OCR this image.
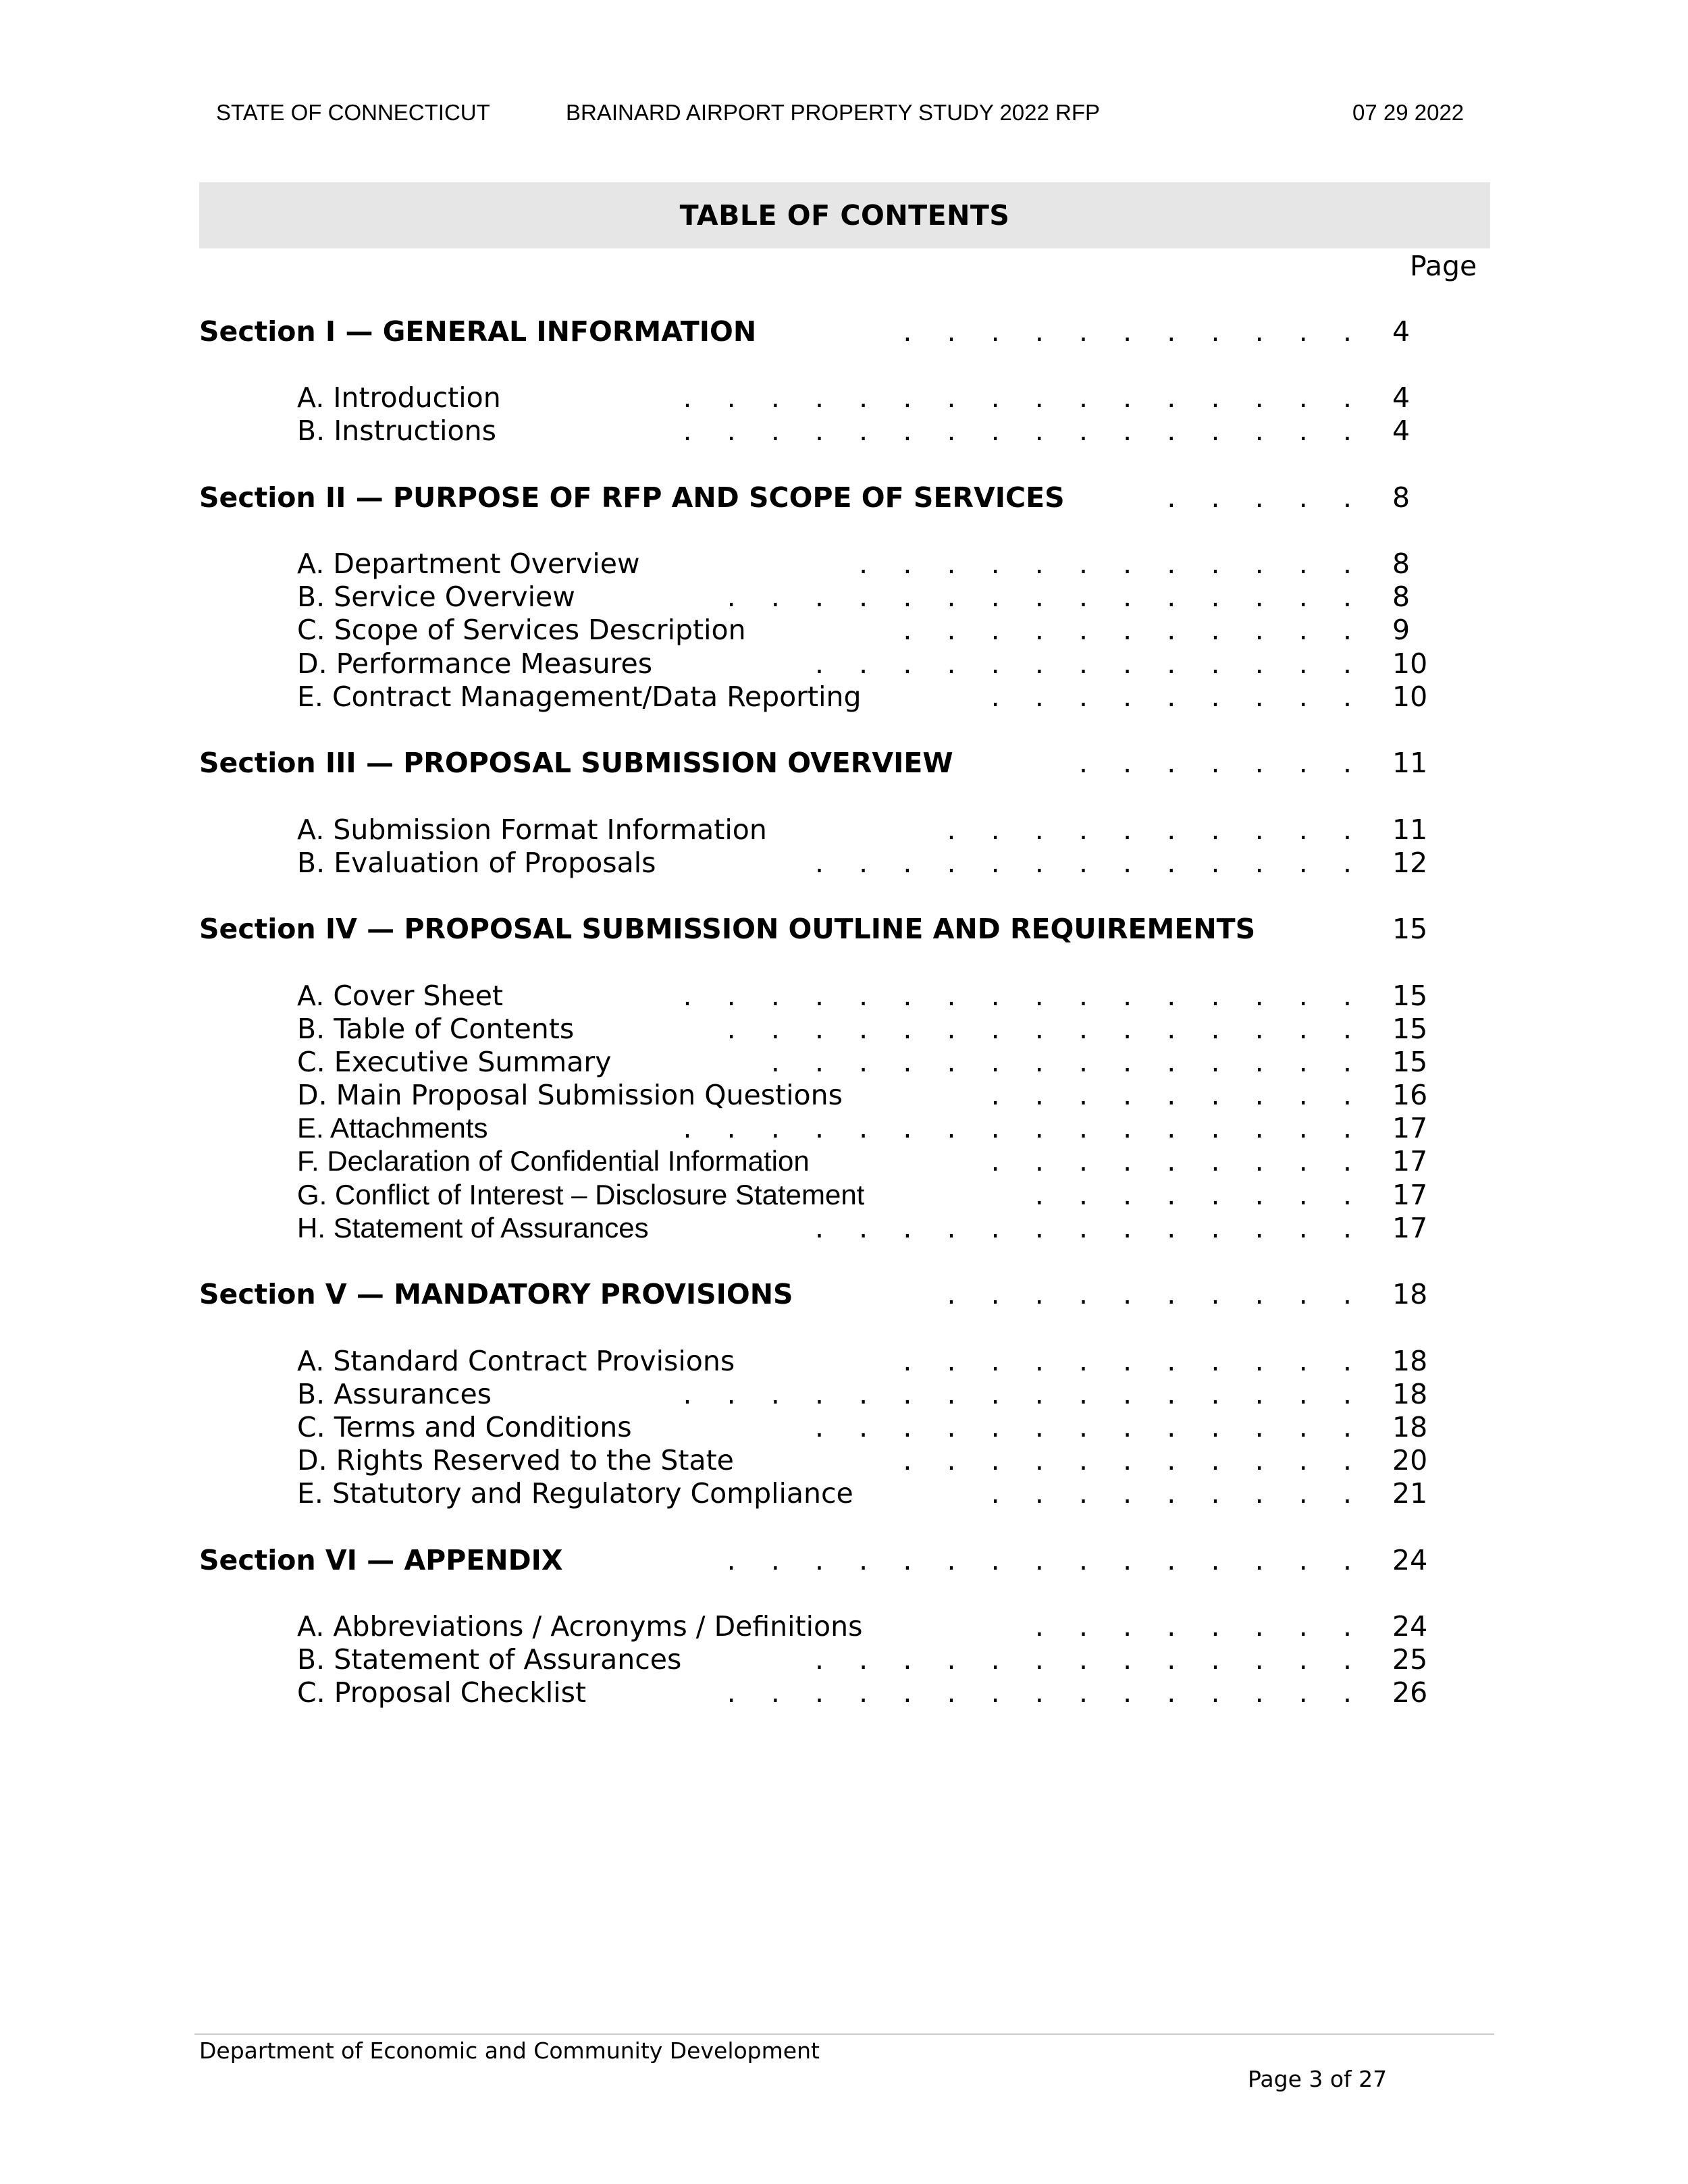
STATE OF CONNECTICUT	BRAINARD AIRPORT PROPERTY STUDY 2022 RFP	07 29 2022
TABLE OF CONTENTS
Page
Section I — GENERAL INFORMATION	.    .    .    .    .    .    .    .    .    .    . 4
A. Introduction	.    .    .    .    .    .    .    .    .    .    .    .    .    .    .    . 4
B. Instructions	.    .    .    .    .    .    .    .    .    .    .    .    .    .    .    . 4
Section II — PURPOSE OF RFP AND SCOPE OF SERVICES	.    .    .    .    . 8
A. Department Overview	.    .    .    .    .    .    .    .    .    .    .    . 8
B. Service Overview	.    .    .    .    .    .    .    .    .    .    .    .    .    .    . 8
C. Scope of Services Description	.    .    .    .    .    .    .    .    .    .    . 9
D. Performance Measures	.    .    .    .    .    .    .    .    .    .    .    .    . 10
E. Contract Management/Data Reporting	.    .    .    .    .    .    .    .    . 10
Section III — PROPOSAL SUBMISSION OVERVIEW	.    .    .    .    .    .    . 11
A. Submission Format Information	.    .    .    .    .    .    .    .    .    . 11
B. Evaluation of Proposals	.    .    .    .    .    .    .    .    .    .    .    .    . 12
Section IV — PROPOSAL SUBMISSION OUTLINE AND REQUIREMENTS	15
A. Cover Sheet	.    .    .    .    .    .    .    .    .    .    .    .    .    .    .    . 15
B. Table of Contents	.    .    .    .    .    .    .    .    .    .    .    .    .    .    . 15
C. Executive Summary	.    .    .    .    .    .    .    .    .    .    .    .    .    . 15
D. Main Proposal Submission Questions	.    .    .    .    .    .    .    .    . 16
E. Attachments	.    .    .    .    .    .    .    .    .    .    .    .    .    .    .    . 17
F. Declaration of Confidential Information	.    .    .    .    .    .    .    .    . 17
G. Conflict of Interest – Disclosure Statement	.    .    .    .    .    .    .    . 17
H. Statement of Assurances	.    .    .    .    .    .    .    .    .    .    .    .    . 17
Section V — MANDATORY PROVISIONS	.    .    .    .    .    .    .    .    .    . 18
A. Standard Contract Provisions	.    .    .    .    .    .    .    .    .    .    . 18
B. Assurances	.    .    .    .    .    .    .    .    .    .    .    .    .    .    .    . 18
C. Terms and Conditions	.    .    .    .    .    .    .    .    .    .    .    .    . 18
D. Rights Reserved to the State	.    .    .    .    .    .    .    .    .    .    . 20
E. Statutory and Regulatory Compliance	.    .    .    .    .    .    .    .    . 21
Section VI — APPENDIX	.    .    .    .    .    .    .    .    .    .    .    .    .    .    . 24
A. Abbreviations / Acronyms / Definitions	.    .    .    .    .    .    .    . 24
B. Statement of Assurances	.    .    .    .    .    .    .    .    .    .    .    .    . 25
C. Proposal Checklist	.    .    .    .    .    .    .    .    .    .    .    .    .    .    . 26
Department of Economic and Community Development
Page 3 of 27
